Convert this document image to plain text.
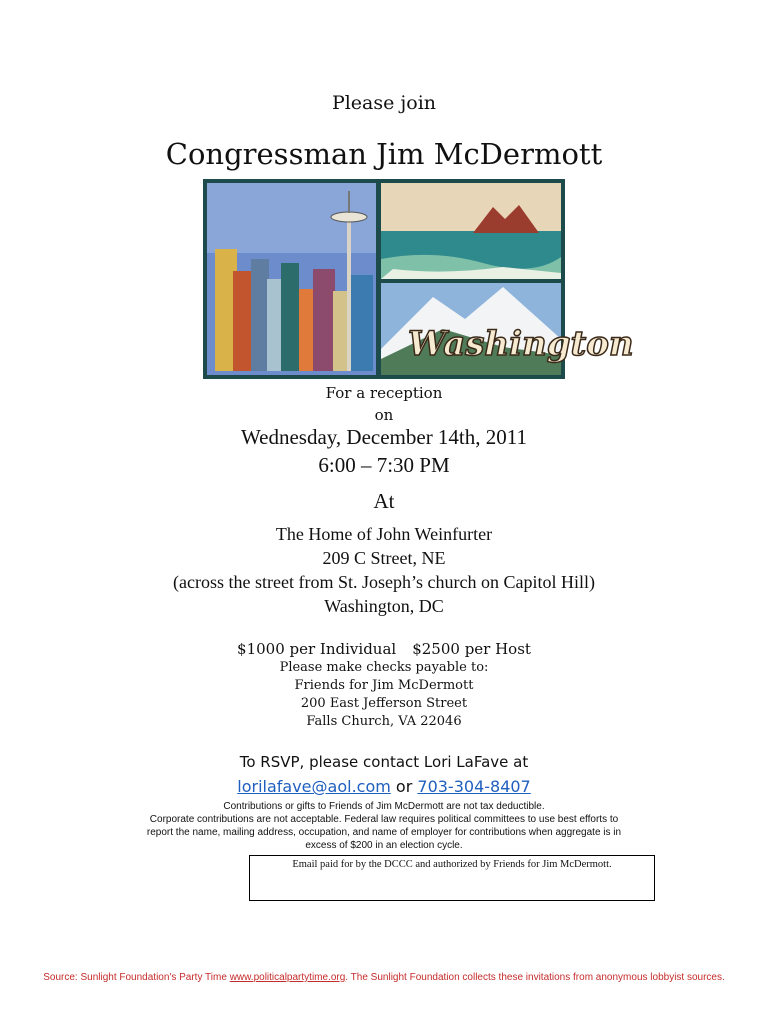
Please join
Congressman Jim McDermott
Washington
For a reception
on
Wednesday, December 14th, 2011
6:00 – 7:30 PM
At
The Home of John Weinfurter
209 C Street, NE
(across the street from St. Joseph’s church on Capitol Hill)
Washington, DC
$1000 per Individual $2500 per Host
Please make checks payable to:
Friends for Jim McDermott
200 East Jefferson Street
Falls Church, VA 22046
To RSVP, please contact Lori LaFave at
lorilafave@aol.com or 703-304-8407
Contributions or gifts to Friends of Jim McDermott are not tax deductible.
Corporate contributions are not acceptable. Federal law requires political committees to use best efforts to
report the name, mailing address, occupation, and name of employer for contributions when aggregate is in
excess of $200 in an election cycle.
Email paid for by the DCCC and authorized by Friends for Jim McDermott.
Source: Sunlight Foundation's Party Time www.politicalpartytime.org. The Sunlight Foundation collects these invitations from anonymous lobbyist sources.
